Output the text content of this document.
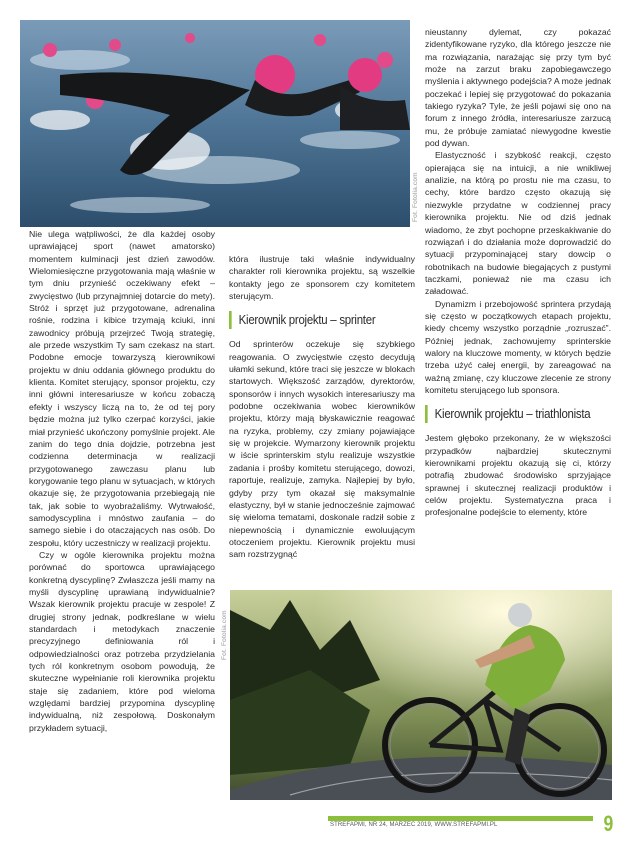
Fot. Fotolia.com

Nie ulega wątpliwości, że dla każdej osoby uprawiającej sport (nawet amatorsko) momentem kulminacji jest dzień zawodów. Wielomiesięczne przygotowania mają właśnie w tym dniu przynieść oczekiwany efekt – zwycięstwo (lub przynajmniej dotarcie do mety). Stróż i sprzęt już przygotowane, adrenalina rośnie, rodzina i kibice trzymają kciuki, inni zawodnicy próbują przejrzeć Twoją strategię, ale przede wszystkim Ty sam czekasz na start. Podobne emocje towarzyszą kierownikowi projektu w dniu oddania głównego produktu do klienta. Komitet sterujący, sponsor projektu, czy inni główni interesariusze w końcu zobaczą efekty i wszyscy liczą na to, że od tej pory będzie można już tylko czerpać korzyści, jakie miał przynieść ukończony pomyślnie projekt. Ale zanim do tego dnia dojdzie, potrzebna jest codzienna determinacja w realizacji przygotowanego zawczasu planu lub korygowanie tego planu w sytuacjach, w których okazuje się, że przygotowania przebiegają nie tak, jak sobie to wyobrażaliśmy. Wytrwałość, samodyscyplina i mnóstwo zaufania – do samego siebie i do otaczających nas osób. Do zespołu, który uczestniczy w realizacji projektu.

Czy w ogóle kierownika projektu można porównać do sportowca uprawiającego konkretną dyscyplinę? Zwłaszcza jeśli mamy na myśli dyscyplinę uprawianą indywidualnie? Wszak kierownik projektu pracuje w zespole! Z drugiej strony jednak, podkreślane w wielu standardach i metodykach znaczenie precyzyjnego definiowania ról i odpowiedzialności oraz potrzeba przydzielania tych ról konkretnym osobom powodują, że skuteczne wypełnianie roli kierownika projektu staje się zadaniem, które pod wieloma względami bardziej przypomina dyscyplinę indywidualną, niż zespołową. Doskonałym przykładem sytuacji,

która ilustruje taki właśnie indywidualny charakter roli kierownika projektu, są wszelkie kontakty jego ze sponsorem czy komitetem sterującym.

Kierownik projektu – sprinter

Od sprinterów oczekuje się szybkiego reagowania. O zwycięstwie często decydują ułamki sekund, które traci się jeszcze w blokach startowych. Większość zarządów, dyrektorów, sponsorów i innych wysokich interesariuszy ma podobne oczekiwania wobec kierowników projektu, którzy mają błyskawicznie reagować na ryzyka, problemy, czy zmiany pojawiające się w projekcie. Wymarzony kierownik projektu w iście sprinterskim stylu realizuje wszystkie zadania i prośby komitetu sterującego, dowozi, raportuje, realizuje, zamyka. Najlepiej by było, gdyby przy tym okazał się maksymalnie elastyczny, był w stanie jednocześnie zajmować się wieloma tematami, doskonale radził sobie z niepewnością i dynamicznie ewoluującym otoczeniem projektu. Kierownik projektu musi sam rozstrzygnąć

nieustanny dylemat, czy pokazać zidentyfikowane ryzyko, dla którego jeszcze nie ma rozwiązania, narażając się przy tym być może na zarzut braku zapobiegawczego myślenia i aktywnego podejścia? A może jednak poczekać i lepiej się przygotować do pokazania takiego ryzyka? Tyle, że jeśli pojawi się ono na forum z innego źródła, interesariusze zarzucą mu, że próbuje zamiatać niewygodne kwestie pod dywan.

Elastyczność i szybkość reakcji, często opierająca się na intuicji, a nie wnikliwej analizie, na którą po prostu nie ma czasu, to cechy, które bardzo często okazują się niezwykle przydatne w codziennej pracy kierownika projektu. Nie od dziś jednak wiadomo, że zbyt pochopne przeskakiwanie do rozwiązań i do działania może doprowadzić do sytuacji przypominającej stary dowcip o robotnikach na budowie biegających z pustymi taczkami, ponieważ nie ma czasu ich załadować.

Dynamizm i przebojowość sprintera przydają się często w początkowych etapach projektu, kiedy chcemy wszystko porządnie „rozruszać”. Później jednak, zachowujemy sprinterskie walory na kluczowe momenty, w których będzie trzeba użyć całej energii, by zareagować na ważną zmianę, czy kluczowe zlecenie ze strony komitetu sterującego lub sponsora.

Kierownik projektu – triathlonista

Jestem głęboko przekonany, że w większości przypadków najbardziej skutecznymi kierownikami projektu okazują się ci, którzy potrafią zbudować środowisko sprzyjające sprawnej i skutecznej realizacji produktów i celów projektu. Systematyczna praca i profesjonalne podejście to elementy, które

Fot. Fotolia.com
STREFAPMI, NR 24, MARZEC 2019, WWW.STREFAPMI.PL	9
